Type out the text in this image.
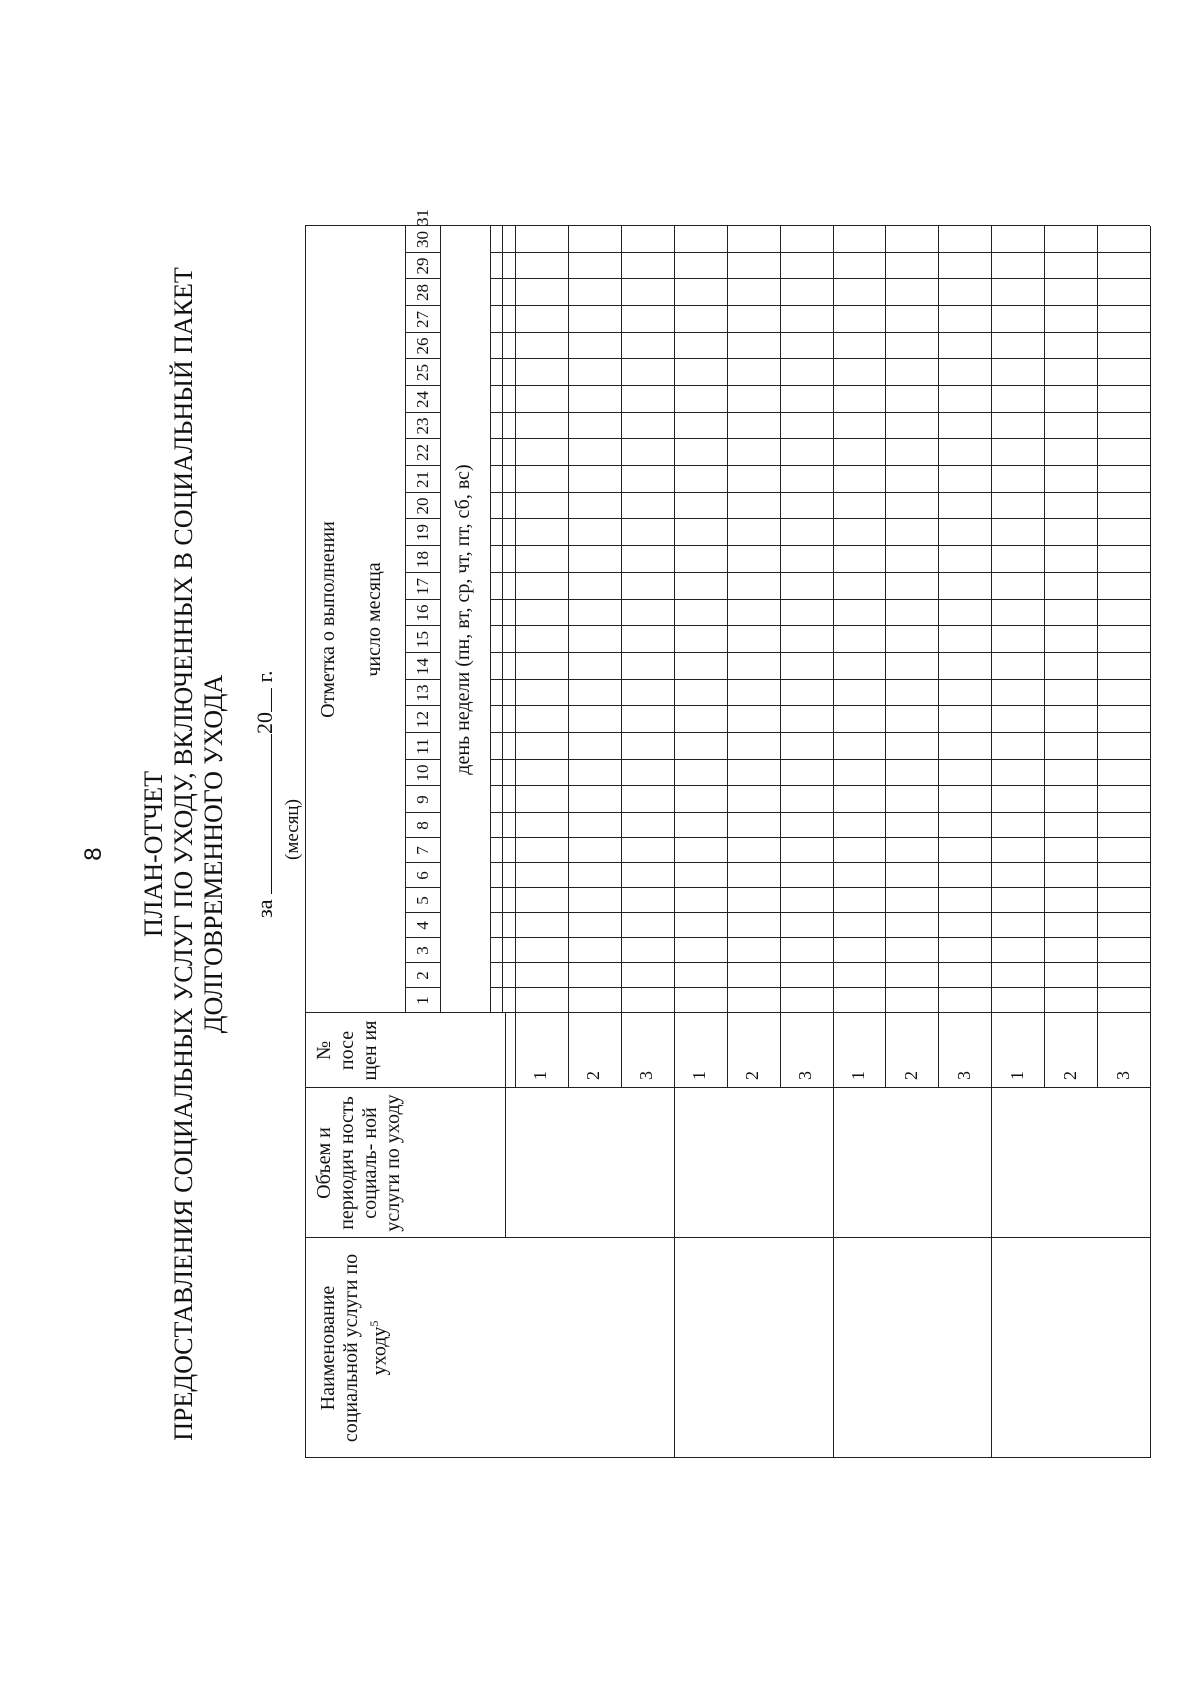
8 ПЛАН-ОТЧЕТ ПРЕДОСТАВЛЕНИЯ СОЦИАЛЬНЫХ УСЛУГ ПО УХОДУ, ВКЛЮЧЕННЫХ В СОЦИАЛЬНЫЙ ПАКЕТ ДОЛГОВРЕМЕННОГО УХОДА за 20 г.
(месяц)
Наименование социальной услуги по уходу$^5$
Объем и периодич ность социаль- ной услуги по уходу
№ посе щен ия
Отметка о выполнении число месяца	день недели (пн, вт, ср, чт, пт, сб, вс)
1
2
3
4
5
6
7
8
9
10
11
12
13
14
15
16
17
18
19
20
21
22
23
24
25
26
27
28
29
30
31
1 2 3 1 2 3 1 2 3 1 2 3
